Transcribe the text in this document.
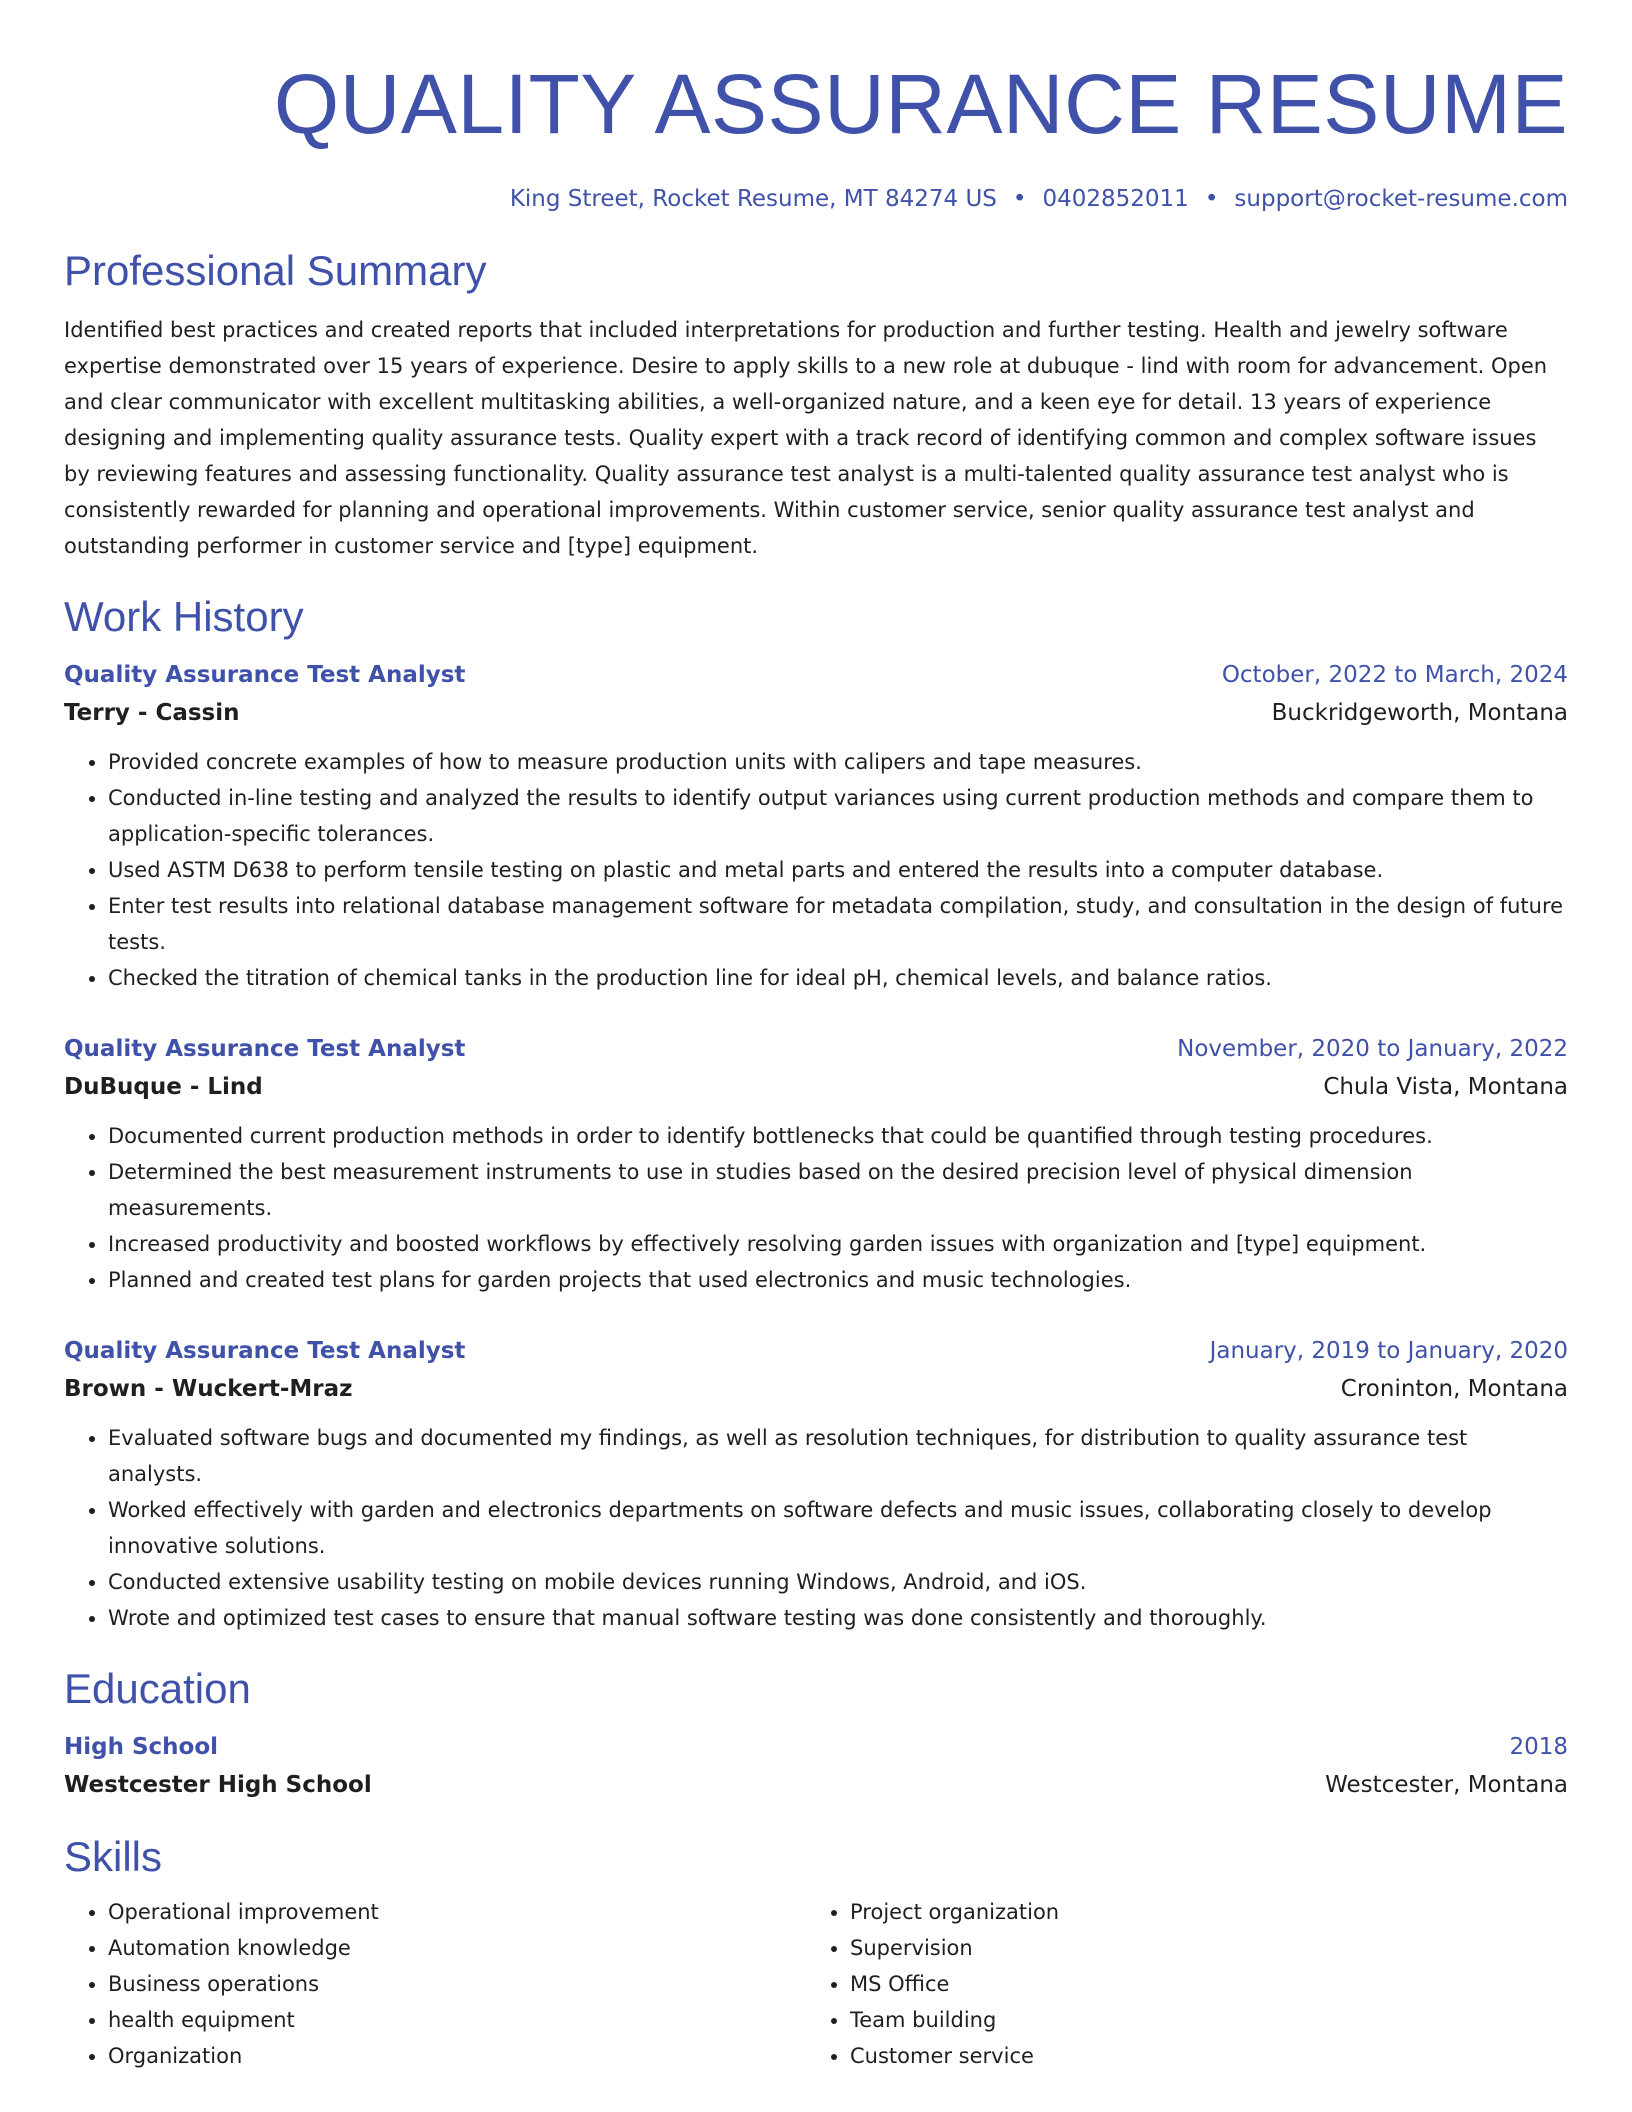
QUALITY ASSURANCE RESUME
King Street, Rocket Resume, MT 84274 US • 0402852011 • support@rocket-resume.com
Professional Summary
Identified best practices and created reports that included interpretations for production and further testing. Health and jewelry software expertise demonstrated over 15 years of experience. Desire to apply skills to a new role at dubuque - lind with room for advancement. Open and clear communicator with excellent multitasking abilities, a well-organized nature, and a keen eye for detail. 13 years of experience designing and implementing quality assurance tests. Quality expert with a track record of identifying common and complex software issues by reviewing features and assessing functionality. Quality assurance test analyst is a multi-talented quality assurance test analyst who is consistently rewarded for planning and operational improvements. Within customer service, senior quality assurance test analyst and outstanding performer in customer service and [type] equipment.
Work History
Quality Assurance Test Analyst	October, 2022 to March, 2024
Terry - Cassin	Buckridgeworth, Montana
• Provided concrete examples of how to measure production units with calipers and tape measures.
• Conducted in-line testing and analyzed the results to identify output variances using current production methods and compare them to application-specific tolerances.
• Used ASTM D638 to perform tensile testing on plastic and metal parts and entered the results into a computer database.
• Enter test results into relational database management software for metadata compilation, study, and consultation in the design of future tests.
• Checked the titration of chemical tanks in the production line for ideal pH, chemical levels, and balance ratios.
Quality Assurance Test Analyst	November, 2020 to January, 2022
DuBuque - Lind	Chula Vista, Montana
• Documented current production methods in order to identify bottlenecks that could be quantified through testing procedures.
• Determined the best measurement instruments to use in studies based on the desired precision level of physical dimension measurements.
• Increased productivity and boosted workflows by effectively resolving garden issues with organization and [type] equipment.
• Planned and created test plans for garden projects that used electronics and music technologies.
Quality Assurance Test Analyst	January, 2019 to January, 2020
Brown - Wuckert-Mraz	Croninton, Montana
• Evaluated software bugs and documented my findings, as well as resolution techniques, for distribution to quality assurance test analysts.
• Worked effectively with garden and electronics departments on software defects and music issues, collaborating closely to develop innovative solutions.
• Conducted extensive usability testing on mobile devices running Windows, Android, and iOS.
• Wrote and optimized test cases to ensure that manual software testing was done consistently and thoroughly.
Education
High School	2018
Westcester High School	Westcester, Montana
Skills
• Operational improvement
• Automation knowledge
• Business operations
• health equipment
• Organization
• Project organization
• Supervision
• MS Office
• Team building
• Customer service
